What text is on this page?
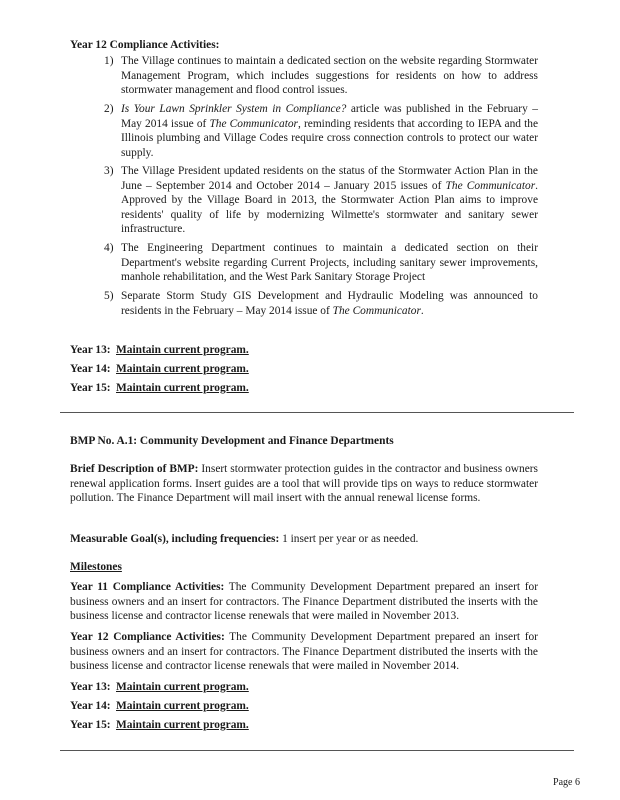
Year 12 Compliance Activities:
1) The Village continues to maintain a dedicated section on the website regarding Stormwater Management Program, which includes suggestions for residents on how to address stormwater management and flood control issues.
2) Is Your Lawn Sprinkler System in Compliance? article was published in the February – May 2014 issue of The Communicator, reminding residents that according to IEPA and the Illinois plumbing and Village Codes require cross connection controls to protect our water supply.
3) The Village President updated residents on the status of the Stormwater Action Plan in the June – September 2014 and October 2014 – January 2015 issues of The Communicator. Approved by the Village Board in 2013, the Stormwater Action Plan aims to improve residents' quality of life by modernizing Wilmette's stormwater and sanitary sewer infrastructure.
4) The Engineering Department continues to maintain a dedicated section on their Department's website regarding Current Projects, including sanitary sewer improvements, manhole rehabilitation, and the West Park Sanitary Storage Project
5) Separate Storm Study GIS Development and Hydraulic Modeling was announced to residents in the February – May 2014 issue of The Communicator.
Year 13: Maintain current program.
Year 14: Maintain current program.
Year 15: Maintain current program.
BMP No. A.1: Community Development and Finance Departments
Brief Description of BMP: Insert stormwater protection guides in the contractor and business owners renewal application forms. Insert guides are a tool that will provide tips on ways to reduce stormwater pollution. The Finance Department will mail insert with the annual renewal license forms.
Measurable Goal(s), including frequencies: 1 insert per year or as needed.
Milestones
Year 11 Compliance Activities: The Community Development Department prepared an insert for business owners and an insert for contractors. The Finance Department distributed the inserts with the business license and contractor license renewals that were mailed in November 2013.
Year 12 Compliance Activities: The Community Development Department prepared an insert for business owners and an insert for contractors. The Finance Department distributed the inserts with the business license and contractor license renewals that were mailed in November 2014.
Year 13: Maintain current program.
Year 14: Maintain current program.
Year 15: Maintain current program.
Page 6
